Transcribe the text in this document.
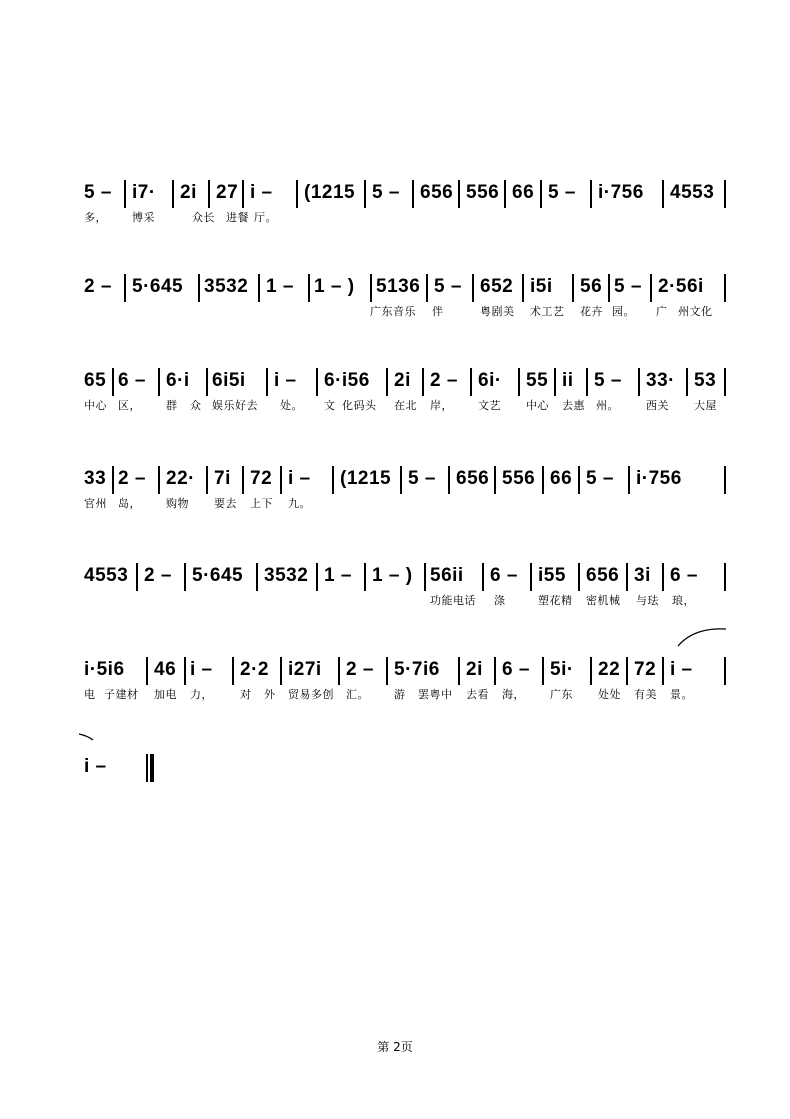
5 – i7· 2i 27 i – (1215 5 – 656 556 66 5 – i·756 4553
多， 博采	众长 进餐 厅。
2 – 5·645 3532 1 – 1 – ) 5136 5 – 652 i5i 56 5 – 2·56i
广东音乐 伴	粤剧美 术工艺 花卉 园。 广 州文化
65 6 – 6·i 6i5i i – 6·i56 2i 2 – 6i· 55 ii 5 – 33· 53
中心 区， 群 众 娱乐好去 处。 文 化码头 在北 岸， 文艺 中心 去惠 州。 西关 大屋
33 2 – 22· 7i 72 i – (1215 5 – 656 556 66 5 – i·756
官州 岛， 购物 要去 上下 九。
4553 2 – 5·645 3532 1 – 1 – ) 56ii 6 – i55 656 3i 6 –
功能电话 涤	塑花精 密机械 与珐 琅，
i·5i6 46 i – 2·2 i27i 2 – 5·7i6 2i 6 – 5i· 22 72 i –
电 子建材 加电 力， 对 外 贸易多创 汇。 游 罢粤中 去看 海， 广东 处处 有美 景。
i –
第 2页
